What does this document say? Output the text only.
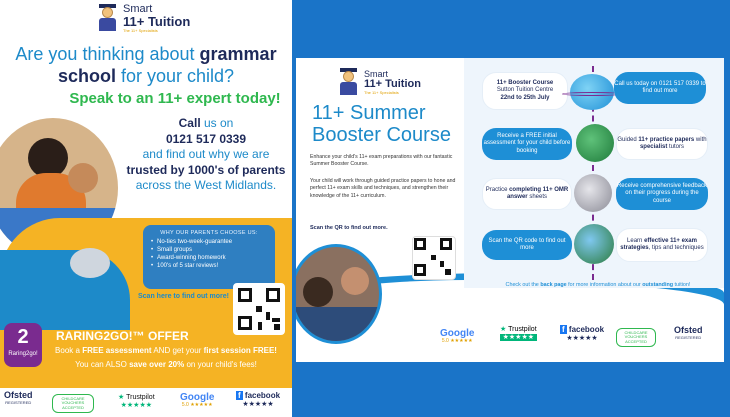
Smart
11+ Tuition
The 11+ Specialists
Are you thinking about grammar school for your child?
Speak to an 11+ expert today!
Call us on
0121 517 0339
and find out why we are
trusted by 1000's of parents across the West Midlands.
WHY OUR PARENTS CHOOSE US:
• No-ties two-week-guarantee
• Small groups
• Award-winning homework
• 100's of 5 star reviews!
Scan here to find out more!
2
Raring2go!
RARING2GO!™ OFFER
Book a FREE assessment AND get your first session FREE!
You can ALSO save over 20% on your child's fees!
Ofsted
REGISTERED
CHILDCARE VOUCHERS ACCEPTED
★ Trustpilot
★★★★★
Google
5.0 ★★★★★
f facebook
★★★★★
Smart
11+ Tuition
The 11+ Specialists
11+ Summer
Booster Course
Enhance your child's 11+ exam preparations with our fantastic Summer Booster Course.
Your child will work through guided practice papers to hone and perfect 11+ exam skills and techniques, and strengthen their knowledge of the 11+ curriculum.
Scan the QR to find out more.
11+ Booster Course
Sutton Tuition Centre
22nd to 25th July
Call us today on 0121 517 0339 to find out more
Receive a FREE initial assessment for your child before booking
Guided 11+ practice papers with specialist tutors
Practice completing 11+ OMR answer sheets
Receive comprehensive feedback on their progress during the course
Scan the QR code to find out more
Learn effective 11+ exam strategies, tips and techniques
Check out the back page for more information about our outstanding tuition!
Google
5.0 ★★★★★
★ Trustpilot
★★★★★
f facebook
★★★★★
CHILDCARE VOUCHERS ACCEPTED
Ofsted
REGISTERED
